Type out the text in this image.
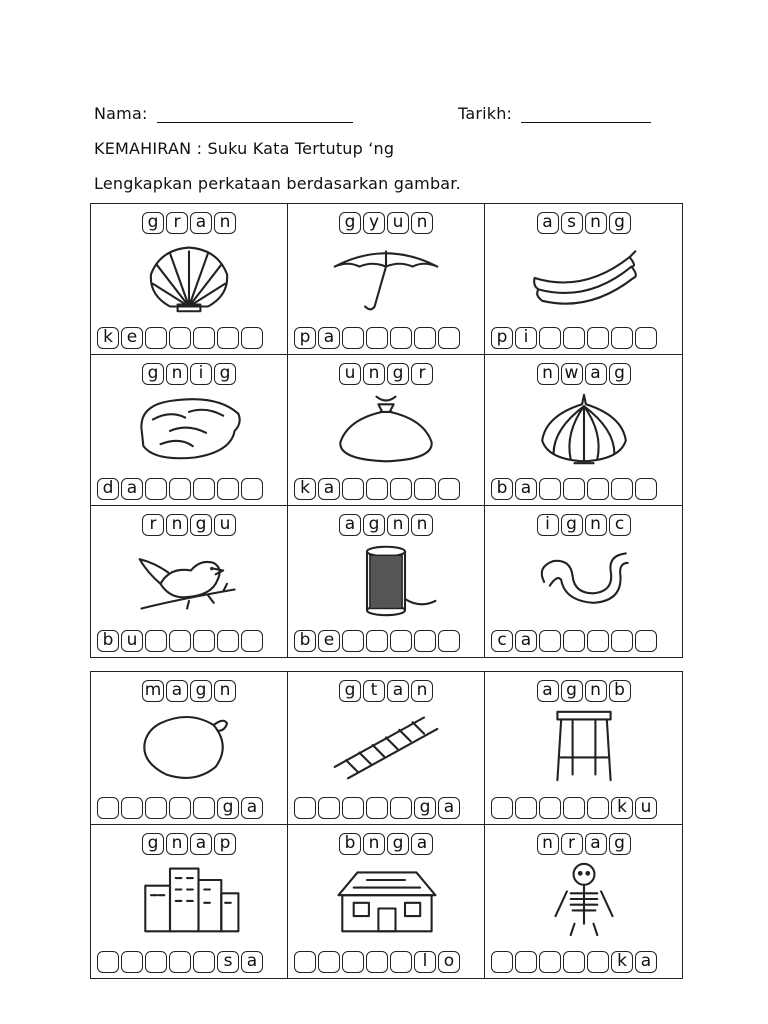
Nama:	Tarikh:
KEMAHIRAN : Suku Kata Tertutup ‘ng
Lengkapkan perkataan berdasarkan gambar.
g r a n
k e
g y u n
p a
a s n g
p i
g n i g
d a
u n g r
k a
n w a g
b a
r n g u
b u
a g n n
b e
i g n c
c a
m a g n
g a
g t a n
g a
a g n b
k u
g n a p
s a
b n g a
l o
n r a g
k a
